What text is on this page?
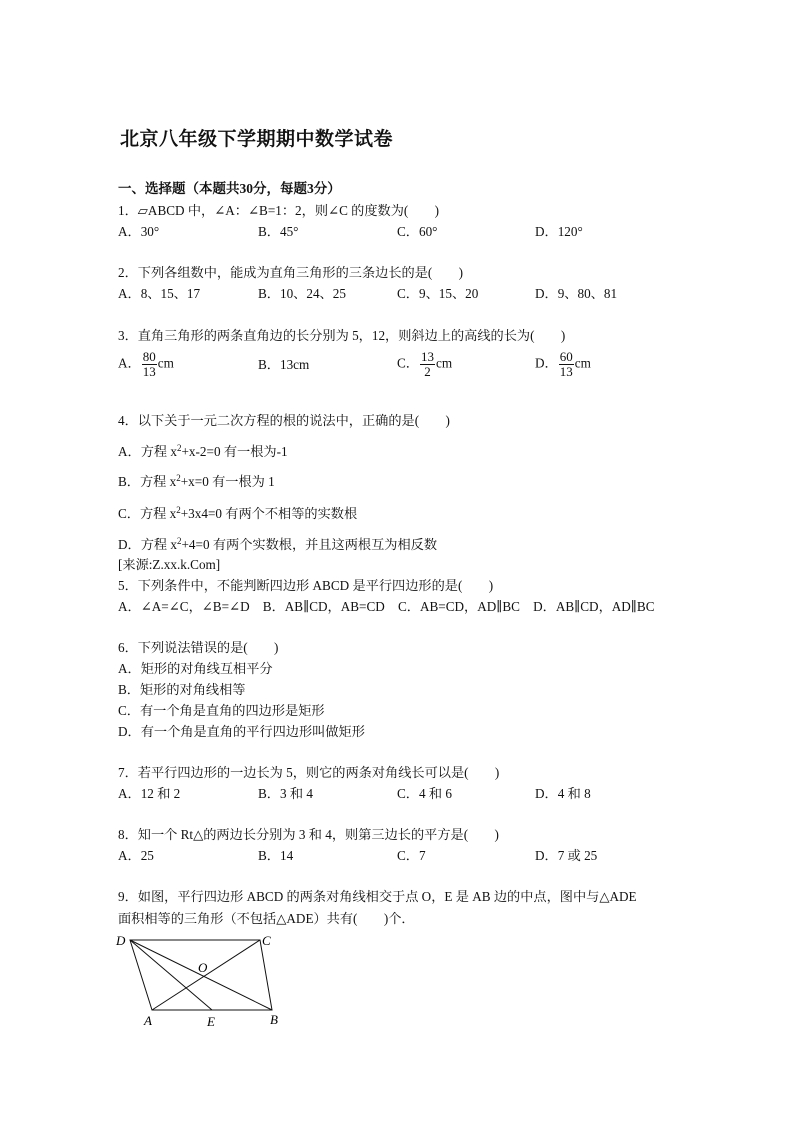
北京八年级下学期期中数学试卷
一、选择题（本题共30分，每题3分）
1．▱ABCD 中，∠A：∠B=1：2，则∠C 的度数为(　　)
A．30°	B．45°	C．60°	D．120°
2．下列各组数中，能成为直角三角形的三条边长的是(　　)
A．8、15、17	B．10、24、25	C．9、15、20	D．9、80、81
3．直角三角形的两条直角边的长分别为 5，12，则斜边上的高线的长为(　　)
A． $\frac{80}{13}$ cm	B．13cm	C． $\frac{13}{2}$ cm	D． $\frac{60}{13}$ cm
4．以下关于一元二次方程的根的说法中，正确的是(　　)
A．方程 $x^2+x-2=0$ 有一根为-1
B．方程 $x^2+x=0$ 有一根为 1
C．方程 $x^2+3x4=0$ 有两个不相等的实数根
D．方程 $x^2+4=0$ 有两个实数根，并且这两根互为相反数
[来源:Z.xx.k.Com]
5．下列条件中，不能判断四边形 ABCD 是平行四边形的是(　　)
A．∠A=∠C，∠B=∠D　B．AB∥CD，AB=CD　C．AB=CD，AD∥BC　D．AB∥CD，AD∥BC
6．下列说法错误的是(　　)
A．矩形的对角线互相平分
B．矩形的对角线相等
C．有一个角是直角的四边形是矩形
D．有一个角是直角的平行四边形叫做矩形
7．若平行四边形的一边长为 5，则它的两条对角线长可以是(　　)
A．12 和 2	B．3 和 4	C．4 和 6	D．4 和 8
8．知一个 Rt△的两边长分别为 3 和 4，则第三边长的平方是(　　)
A．25	B．14	C．7	D．7 或 25
9．如图，平行四边形 ABCD 的两条对角线相交于点 O，E 是 AB 边的中点，图中与△ADE
面积相等的三角形（不包括△ADE）共有(　　)个．
D	C
O
A	E	B
